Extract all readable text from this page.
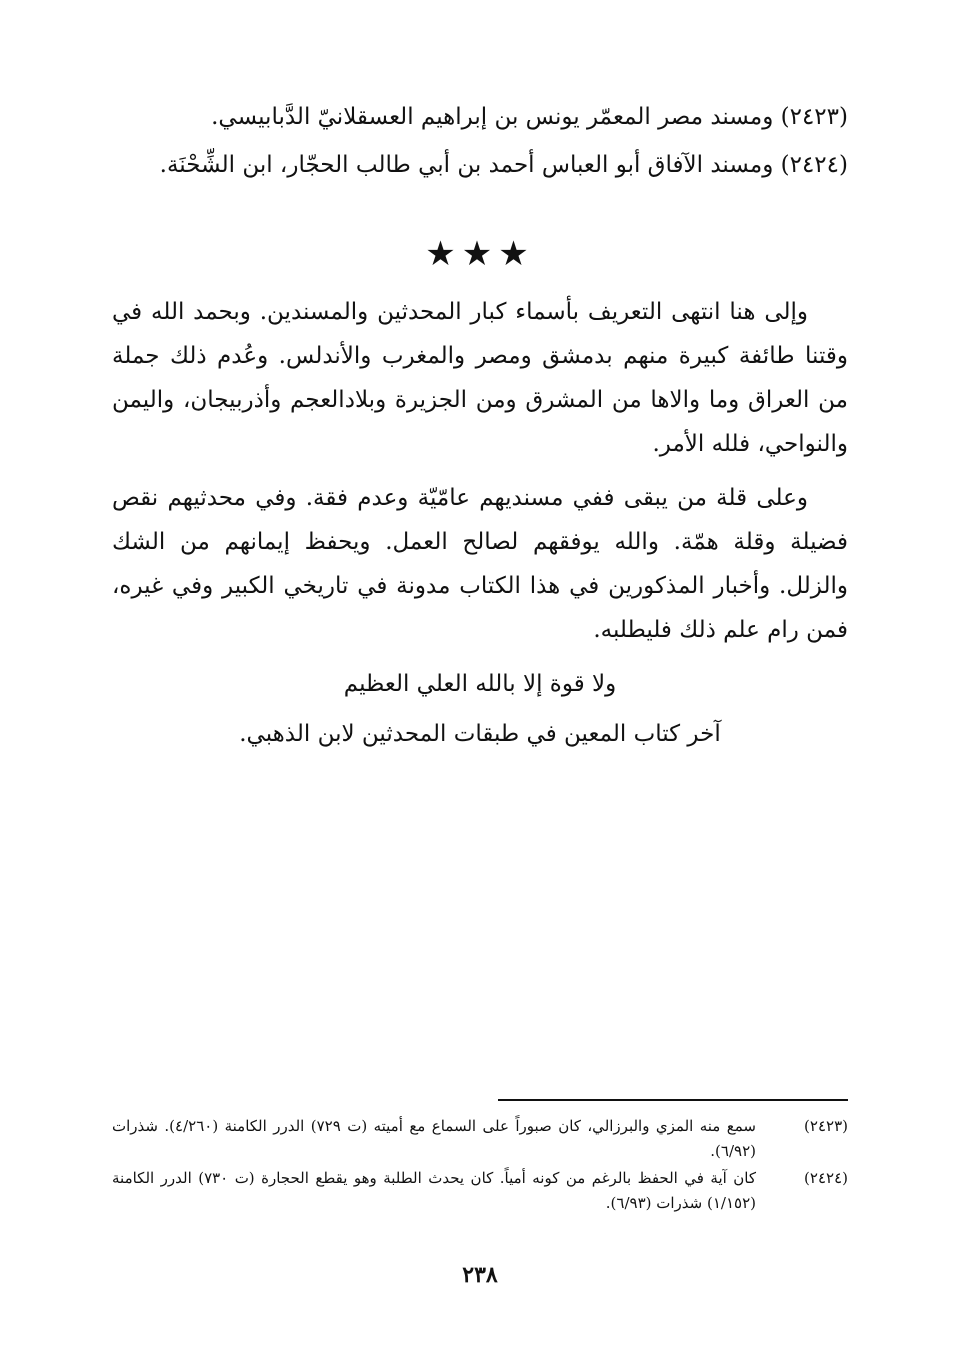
(٢٤٢٣) ومسند مصر المعمّر يونس بن إبراهيم العسقلانيّ الدَّبابيسي.
(٢٤٢٤) ومسند الآفاق أبو العباس أحمد بن أبي طالب الحجّار، ابن الشِّحْنَة.
★★★

وإلى هنا انتهى التعريف بأسماء كبار المحدثين والمسندين. وبحمد الله في وقتنا طائفة كبيرة منهم بدمشق ومصر والمغرب والأندلس. وعُدم ذلك جملة من العراق وما والاها من المشرق ومن الجزيرة وبلادالعجم وأذربيجان، واليمن والنواحي، فلله الأمر.

وعلى قلة من يبقى ففي مسنديهم عامّيّة وعدم فقة. وفي محدثيهم نقص فضيلة وقلة همّة. والله يوفقهم لصالح العمل. ويحفظ إيمانهم من الشك والزلل. وأخبار المذكورين في هذا الكتاب مدونة في تاريخي الكبير وفي غيره، فمن رام علم ذلك فليطلبه.

ولا قوة إلا بالله العلي العظيم
آخر كتاب المعين في طبقات المحدثين لابن الذهبي.
(٢٤٢٣)
سمع منه المزي والبرزالي، كان صبوراً على السماع مع أميته (ت ٧٢٩) الدرر الكامنة (٤/٢٦٠). شذرات (٦/٩٢).
(٢٤٢٤)
كان آية في الحفظ بالرغم من كونه أمياً. كان يحدث الطلبة وهو يقطع الحجارة (ت ٧٣٠) الدرر الكامنة (١/١٥٢) شذرات (٦/٩٣).
٢٣٨
